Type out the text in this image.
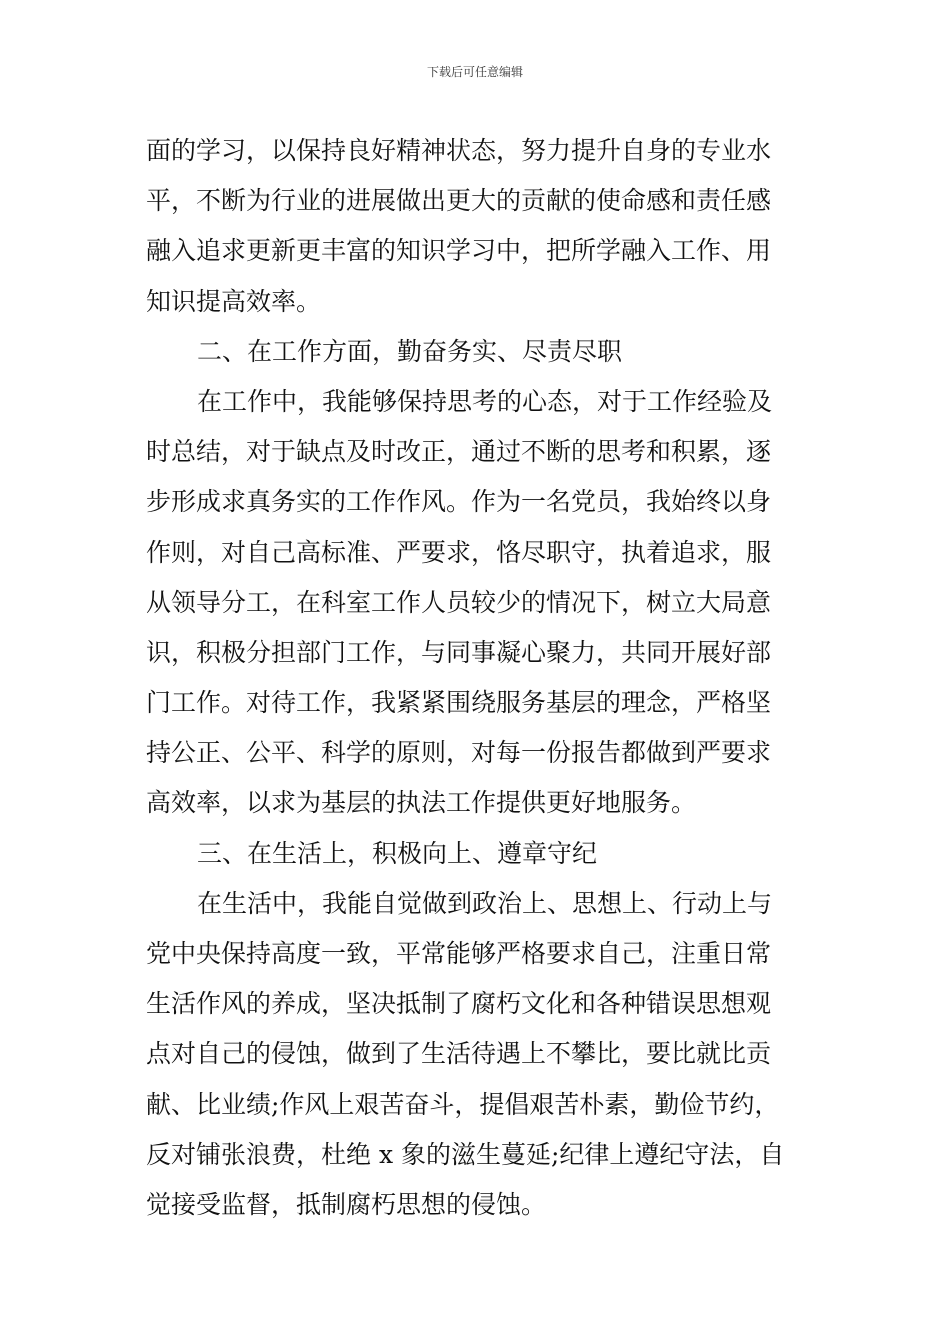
下载后可任意编辑
面的学习，以保持良好精神状态，努力提升自身的专业水
平，不断为行业的进展做出更大的贡献的使命感和责任感
融入追求更新更丰富的知识学习中，把所学融入工作、用
知识提高效率。
二、在工作方面，勤奋务实、尽责尽职
在工作中，我能够保持思考的心态，对于工作经验及
时总结，对于缺点及时改正，通过不断的思考和积累，逐
步形成求真务实的工作作风。作为一名党员，我始终以身
作则，对自己高标准、严要求，恪尽职守，执着追求，服
从领导分工，在科室工作人员较少的情况下，树立大局意
识，积极分担部门工作，与同事凝心聚力，共同开展好部
门工作。对待工作，我紧紧围绕服务基层的理念，严格坚
持公正、公平、科学的原则，对每一份报告都做到严要求
高效率，以求为基层的执法工作提供更好地服务。
三、在生活上，积极向上、遵章守纪
在生活中，我能自觉做到政治上、思想上、行动上与
党中央保持高度一致，平常能够严格要求自己，注重日常
生活作风的养成，坚决抵制了腐朽文化和各种错误思想观
点对自己的侵蚀，做到了生活待遇上不攀比，要比就比贡
献、比业绩;作风上艰苦奋斗，提倡艰苦朴素，勤俭节约，
反对铺张浪费，杜绝 x 象的滋生蔓延;纪律上遵纪守法，自
觉接受监督，抵制腐朽思想的侵蚀。
